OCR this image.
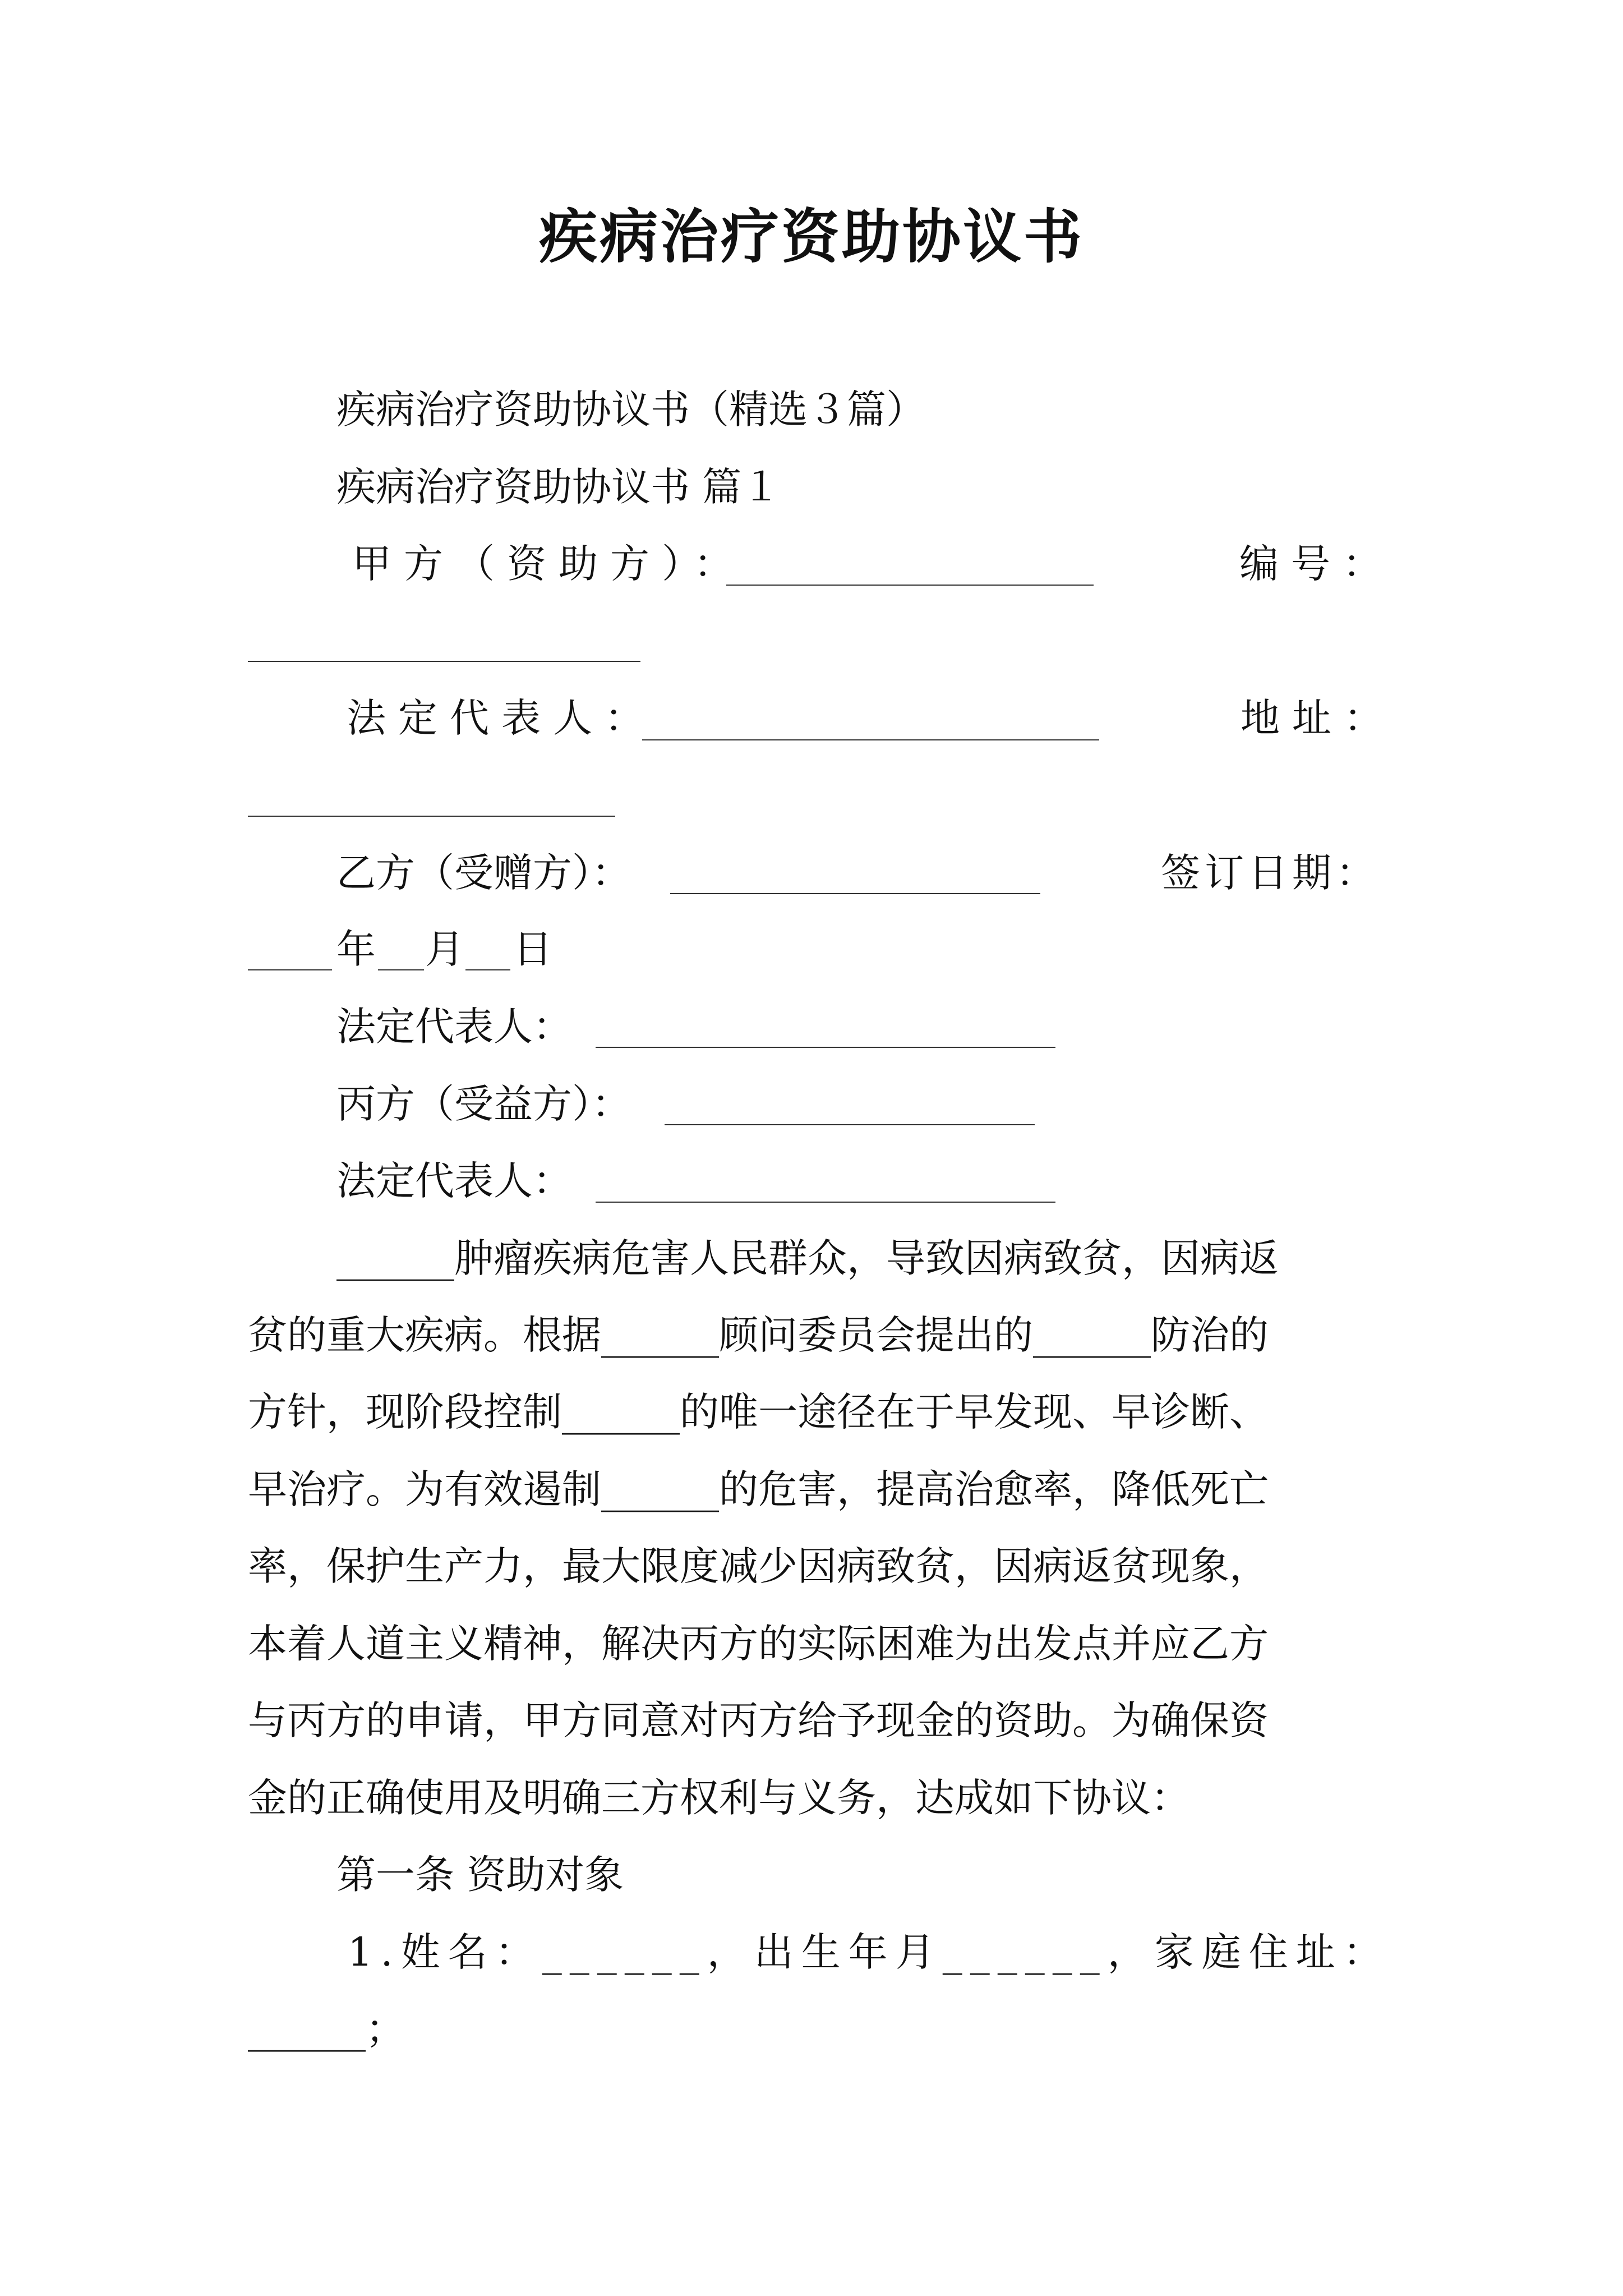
疾病治疗资助协议书
疾病治疗资助协议书（精选３篇）
疾病治疗资助协议书 篇１
甲方（资助方）：	编号：
法定代表人：	地址：
乙方（受赠方）：	签订日期：
年 月 日
法定代表人：
丙方（受益方）：
法定代表人：
______肿瘤疾病危害人民群众，导致因病致贫，因病返
贫的重大疾病。根据______顾问委员会提出的______防治的
方针，现阶段控制______的唯一途径在于早发现、早诊断、
早治疗。为有效遏制______的危害，提高治愈率，降低死亡
率，保护生产力，最大限度减少因病致贫，因病返贫现象，
本着人道主义精神，解决丙方的实际困难为出发点并应乙方
与丙方的申请，甲方同意对丙方给予现金的资助。为确保资
金的正确使用及明确三方权利与义务，达成如下协议：
第一条 资助对象
1.姓名：______，出生年月______，家庭住址：
______；
